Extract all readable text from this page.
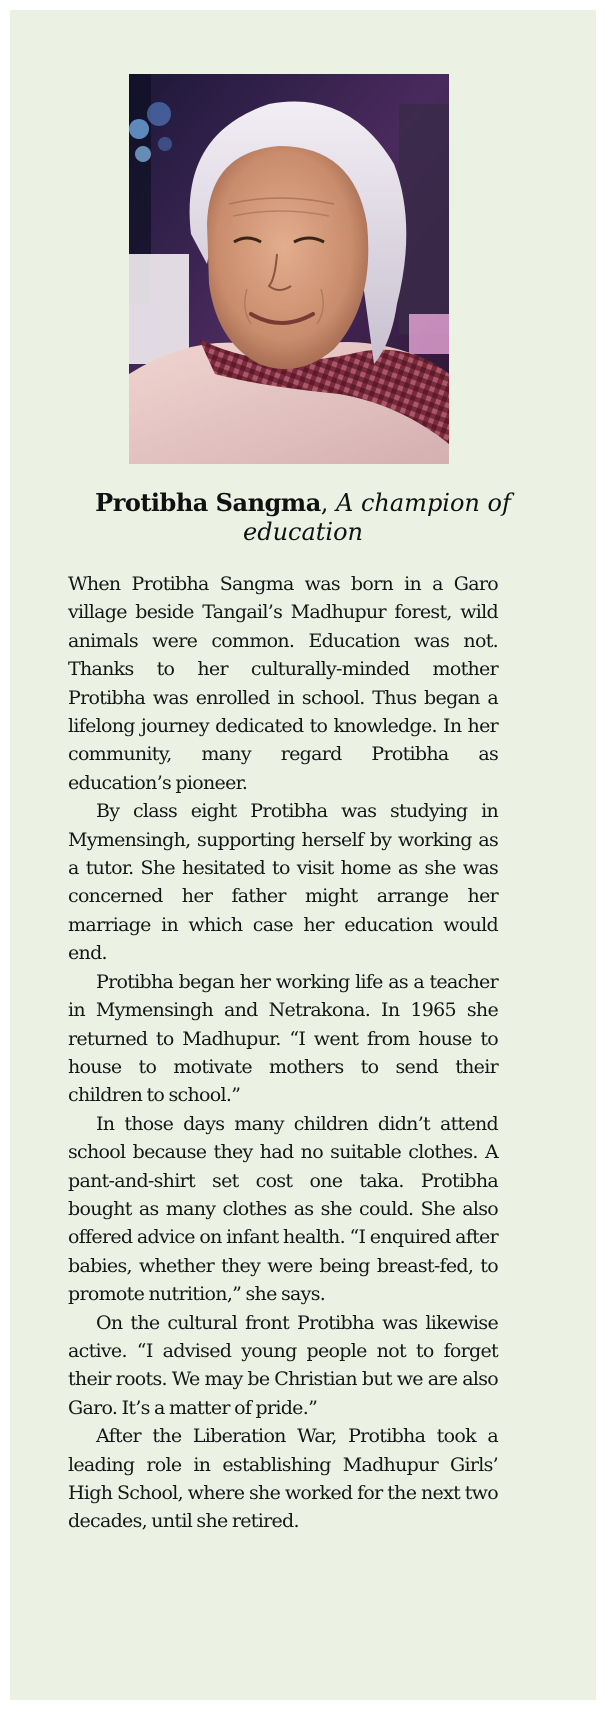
Protibha Sangma, A champion of education

When Protibha Sangma was born in a Garo village beside Tangail’s Madhupur forest, wild animals were common. Education was not. Thanks to her culturally-minded mother Protibha was enrolled in school. Thus began a lifelong journey dedicated to knowledge. In her community, many regard Protibha as education’s pioneer.

By class eight Protibha was studying in Mymensingh, supporting herself by working as a tutor. She hesitated to visit home as she was concerned her father might arrange her marriage in which case her education would end.

Protibha began her working life as a teacher in Mymensingh and Netrakona. In 1965 she returned to Madhupur. “I went from house to house to motivate mothers to send their children to school.”

In those days many children didn’t attend school because they had no suitable clothes. A pant-and-shirt set cost one taka. Protibha bought as many clothes as she could. She also offered advice on infant health. “I enquired after babies, whether they were being breast-fed, to promote nutrition,” she says.

On the cultural front Protibha was likewise active. “I advised young people not to forget their roots. We may be Christian but we are also Garo. It’s a matter of pride.”

After the Liberation War, Protibha took a leading role in establishing Madhupur Girls’ High School, where she worked for the next two decades, until she retired.
